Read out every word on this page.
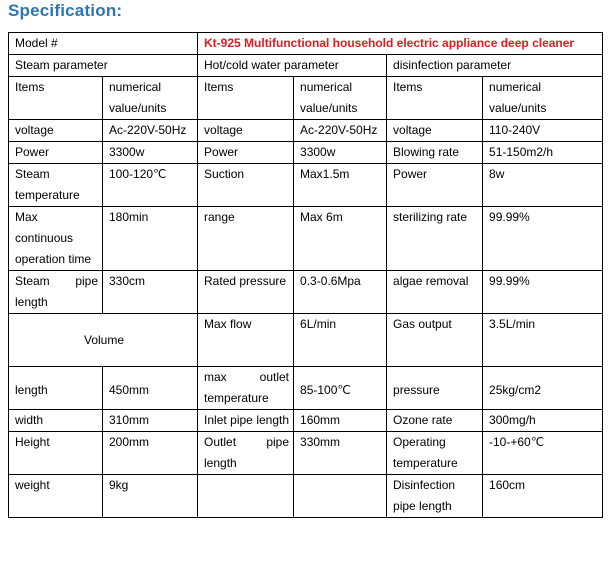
Specification:
Model #		Kt-925 Multifunctional household electric appliance deep cleaner			
Steam parameter		Hot/cold water parameter		disinfection parameter	
Items	numerical value/units	Items	numerical value/units	Items	numerical value/units
voltage	Ac-220V-50Hz	voltage	Ac-220V-50Hz	voltage	110-240V
Power	3300w	Power	3300w	Blowing rate	51-150m2/h
Steam temperature	100-120℃	Suction	Max1.5m	Power	8w
Max continuous operation time	180min	range	Max 6m	sterilizing rate	99.99%
Steam pipe length	330cm	Rated pressure	0.3-0.6Mpa	algae removal	99.99%
Volume		Max flow	6L/min	Gas output	3.5L/min
length	450mm	max outlet temperature	85-100℃	pressure	25kg/cm2
width	310mm	Inlet pipe length	160mm	Ozone rate	300mg/h
Height	200mm	Outlet pipe length	330mm	Operating temperature	-10-+60℃
weight	9kg			Disinfection pipe length	160cm
